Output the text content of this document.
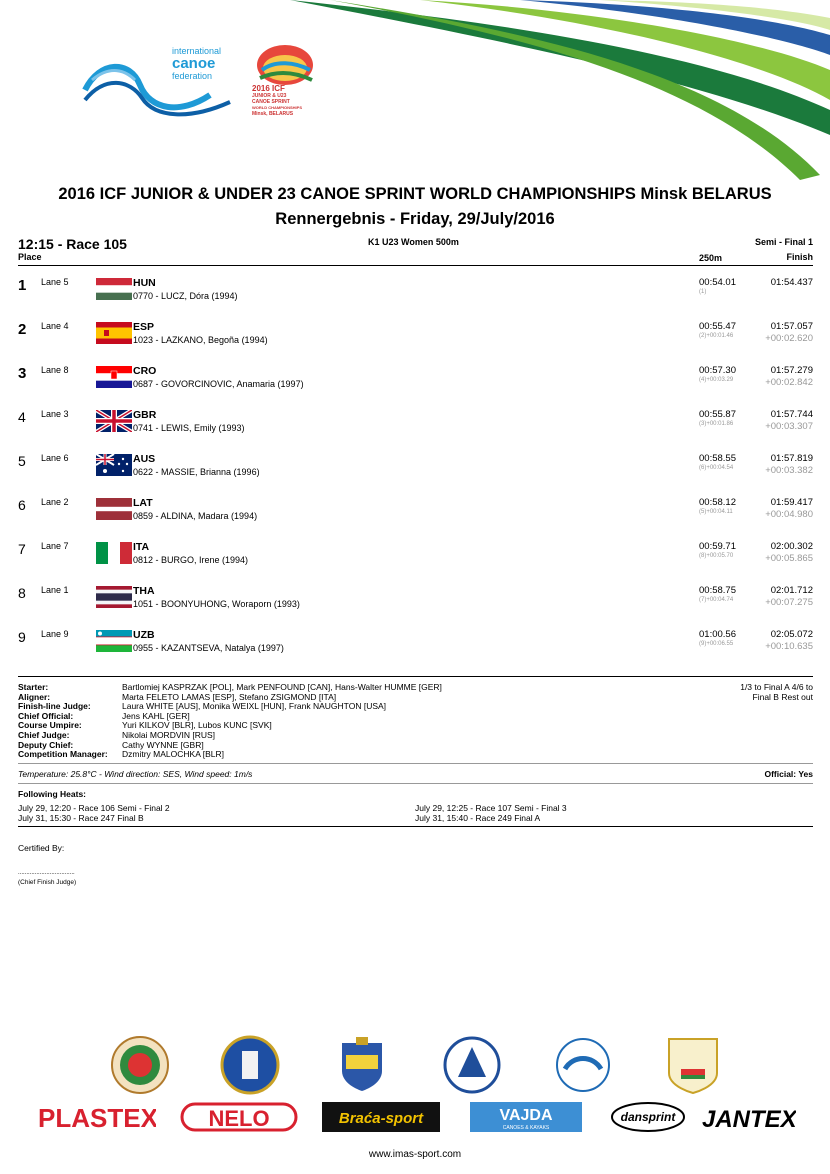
international
canoe
federation
2016 ICF
JUNIOR & U23
CANOE SPRINT
WORLD CHAMPIONSHIPS
Minsk, BELARUS
2016 ICF JUNIOR & UNDER 23 CANOE SPRINT WORLD CHAMPIONSHIPS Minsk BELARUS
Rennergebnis - Friday, 29/July/2016
12:15 - Race 105	K1 U23 Women 500m	Semi - Final 1
Place	250m	Finish
1 Lane 5	HUN
0770 - LUCZ, Dóra (1994)
00:54.01
(1)
01:54.437
2 Lane 4	ESP
1023 - LAZKANO, Begoña (1994)
00:55.47
(2)+00:01.46
01:57.057
+00:02.620
3 Lane 8	CRO
0687 - GOVORCINOVIC, Anamaria (1997)
00:57.30
(4)+00:03.29
01:57.279
+00:02.842
4 Lane 3	GBR
0741 - LEWIS, Emily (1993)
00:55.87
(3)+00:01.86
01:57.744
+00:03.307
5 Lane 6	AUS
0622 - MASSIE, Brianna (1996)
00:58.55
(6)+00:04.54
01:57.819
+00:03.382
6 Lane 2	LAT
0859 - ALDINA, Madara (1994)
00:58.12
(5)+00:04.11
01:59.417
+00:04.980
7 Lane 7	ITA
0812 - BURGO, Irene (1994)
00:59.71
(8)+00:05.70
02:00.302
+00:05.865
8 Lane 1	THA
1051 - BOONYUHONG, Woraporn (1993)
00:58.75
(7)+00:04.74
02:01.712
+00:07.275
9 Lane 9	UZB
0955 - KAZANTSEVA, Natalya (1997)
01:00.56
(9)+00:06.55
02:05.072
+00:10.635
Starter:	Bartlomiej KASPRZAK [POL], Mark PENFOUND [CAN], Hans-Walter HUMME [GER]
Aligner:	Marta FELETO LAMAS [ESP], Stefano ZSIGMOND [ITA]
Finish-line Judge:	Laura WHITE [AUS], Monika WEIXL [HUN], Frank NAUGHTON [USA]
Chief Official:	Jens KAHL [GER]
Course Umpire:	Yuri KILKOV [BLR], Lubos KUNC [SVK]
Chief Judge:	Nikolai MORDVIN [RUS]
Deputy Chief:	Cathy WYNNE [GBR]
Competition Manager:	Dzmitry MALOCHKA [BLR]
1/3 to Final A 4/6 to
Final B Rest out
Temperature: 25.8°C - Wind direction: SES, Wind speed: 1m/s	Official: Yes
Following Heats:
July 29, 12:20 - Race 106 Semi - Final 2
July 31, 15:30 - Race 247 Final B
July 29, 12:25 - Race 107 Semi - Final 3
July 31, 15:40 - Race 249 Final A
Certified By:
..................................
(Chief Finish Judge)
PLASTEX NELO	Braća-sport	VAJDA
CANOES & KAYAKS
dansprint JANTEX
www.imas-sport.com
